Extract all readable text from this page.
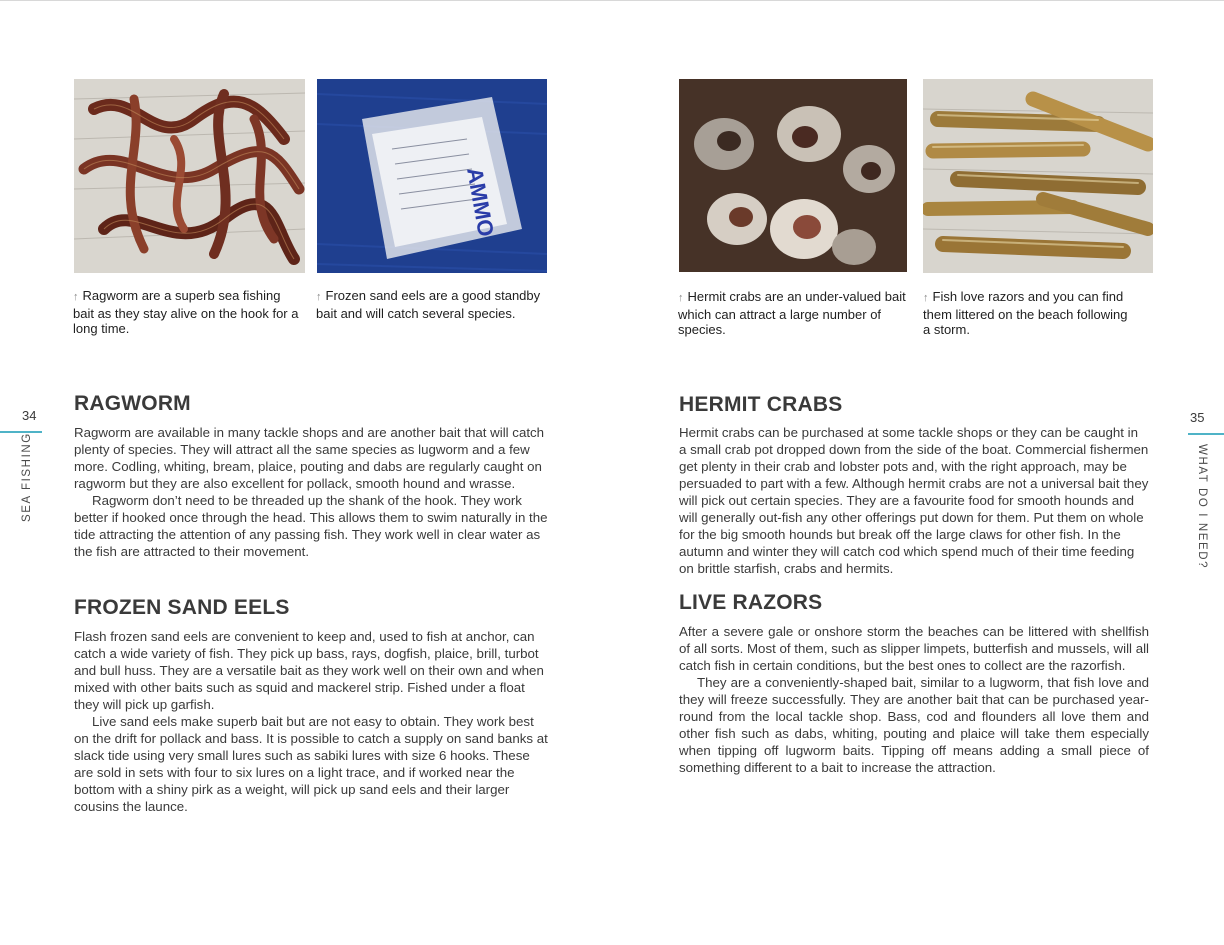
AMMO

↑ Ragworm are a superb sea fishing bait as they stay alive on the hook for a long time.

↑ Frozen sand eels are a good standby bait and will catch several species.

34
SEA FISHING
RAGWORM

Ragworm are available in many tackle shops and are another bait that will catch plenty of species. They will attract all the same species as lugworm and a few more. Codling, whiting, bream, plaice, pouting and dabs are regularly caught on ragworm but they are also excellent for pollack, smooth hound and wrasse.

Ragworm don’t need to be threaded up the shank of the hook. They work better if hooked once through the head. This allows them to swim naturally in the tide attracting the attention of any passing fish. They work well in clear water as the fish are attracted to their movement.

FROZEN SAND EELS

Flash frozen sand eels are convenient to keep and, used to fish at anchor, can catch a wide variety of fish. They pick up bass, rays, dogfish, plaice, brill, turbot and bull huss. They are a versatile bait as they work well on their own and when mixed with other baits such as squid and mackerel strip. Fished under a float they will pick up garfish.

Live sand eels make superb bait but are not easy to obtain. They work best on the drift for pollack and bass. It is possible to catch a supply on sand banks at slack tide using very small lures such as sabiki lures with size 6 hooks. These are sold in sets with four to six lures on a light trace, and if worked near the bottom with a shiny pirk as a weight, will pick up sand eels and their larger cousins the launce.

↑ Hermit crabs are an under-valued bait which can attract a large number of species.

↑ Fish love razors and you can find them littered on the beach following a storm.

35
WHAT DO I NEED?
HERMIT CRABS

Hermit crabs can be purchased at some tackle shops or they can be caught in a small crab pot dropped down from the side of the boat. Commercial fishermen get plenty in their crab and lobster pots and, with the right approach, may be persuaded to part with a few. Although hermit crabs are not a universal bait they will pick out certain species. They are a favourite food for smooth hounds and will generally out-fish any other offerings put down for them. Put them on whole for the big smooth hounds but break off the large claws for other fish. In the autumn and winter they will catch cod which spend much of their time feeding on brittle starfish, crabs and hermits.

LIVE RAZORS

After a severe gale or onshore storm the beaches can be littered with shellfish of all sorts. Most of them, such as slipper limpets, butterfish and mussels, will all catch fish in certain conditions, but the best ones to collect are the razorfish.

They are a conveniently-shaped bait, similar to a lugworm, that fish love and they will freeze successfully. They are another bait that can be purchased year-round from the local tackle shop. Bass, cod and flounders all love them and other fish such as dabs, whiting, pouting and plaice will take them especially when tipping off lugworm baits. Tipping off means adding a small piece of something different to a bait to increase the attraction.
